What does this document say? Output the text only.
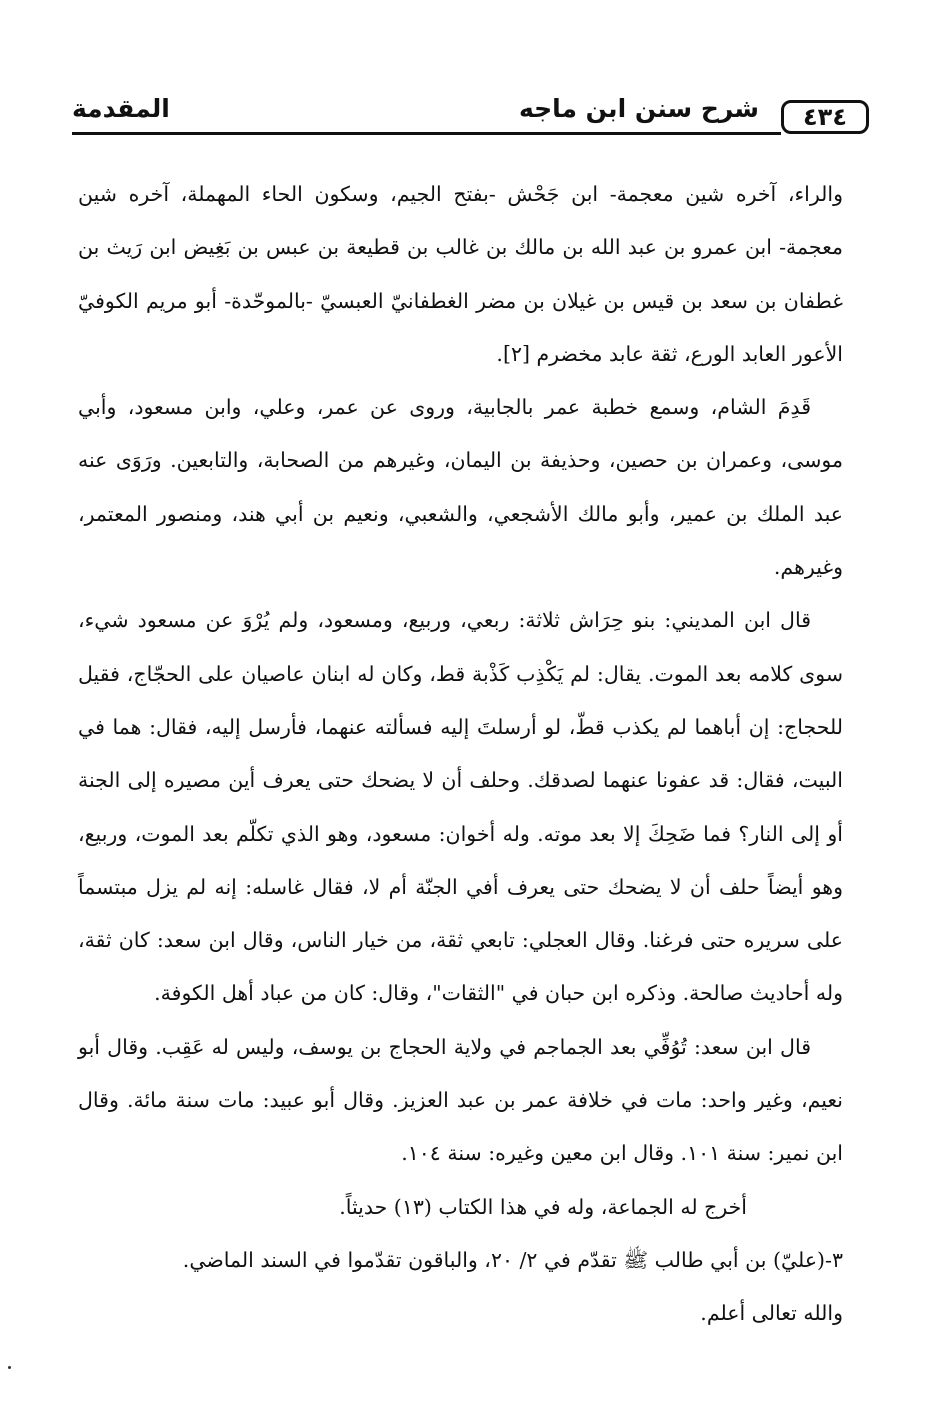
٤٣٤
شرح سنن ابن ماجه
المقدمة

والراء، آخره شين معجمة- ابن جَحْش -بفتح الجيم، وسكون الحاء المهملة، آخره شين معجمة- ابن عمرو بن عبد الله بن مالك بن غالب بن قطيعة بن عبس بن بَغِيض ابن رَيث بن غطفان بن سعد بن قيس بن غيلان بن مضر الغطفانيّ العبسيّ -بالموحّدة- أبو مريم الكوفيّ الأعور العابد الورع، ثقة عابد مخضرم [٢].

قَدِمَ الشام، وسمع خطبة عمر بالجابية، وروى عن عمر، وعلي، وابن مسعود، وأبي موسى، وعمران بن حصين، وحذيفة بن اليمان، وغيرهم من الصحابة، والتابعين. ورَوَى عنه عبد الملك بن عمير، وأبو مالك الأشجعي، والشعبي، ونعيم بن أبي هند، ومنصور المعتمر، وغيرهم.

قال ابن المديني: بنو حِرَاش ثلاثة: ربعي، وربيع، ومسعود، ولم يُرْوَ عن مسعود شيء، سوى كلامه بعد الموت. يقال: لم يَكْذِب كَذْبة قط، وكان له ابنان عاصيان على الحجّاج، فقيل للحجاج: إن أباهما لم يكذب قطّ، لو أرسلتَ إليه فسألته عنهما، فأرسل إليه، فقال: هما في البيت، فقال: قد عفونا عنهما لصدقك. وحلف أن لا يضحك حتى يعرف أين مصيره إلى الجنة أو إلى النار؟ فما ضَحِكَ إلا بعد موته. وله أخوان: مسعود، وهو الذي تكلّم بعد الموت، وربيع، وهو أيضاً حلف أن لا يضحك حتى يعرف أفي الجنّة أم لا، فقال غاسله: إنه لم يزل مبتسماً على سريره حتى فرغنا. وقال العجلي: تابعي ثقة، من خيار الناس، وقال ابن سعد: كان ثقة، وله أحاديث صالحة. وذكره ابن حبان في "الثقات"، وقال: كان من عباد أهل الكوفة.

قال ابن سعد: تُوُفِّي بعد الجماجم في ولاية الحجاج بن يوسف، وليس له عَقِب. وقال أبو نعيم، وغير واحد: مات في خلافة عمر بن عبد العزيز. وقال أبو عبيد: مات سنة مائة. وقال ابن نمير: سنة ١٠١. وقال ابن معين وغيره: سنة ١٠٤.

أخرج له الجماعة، وله في هذا الكتاب (١٣) حديثاً.

٣-(عليّ) بن أبي طالب ﷺ تقدّم في ٢/ ٢٠، والباقون تقدّموا في السند الماضي.

والله تعالى أعلم.
